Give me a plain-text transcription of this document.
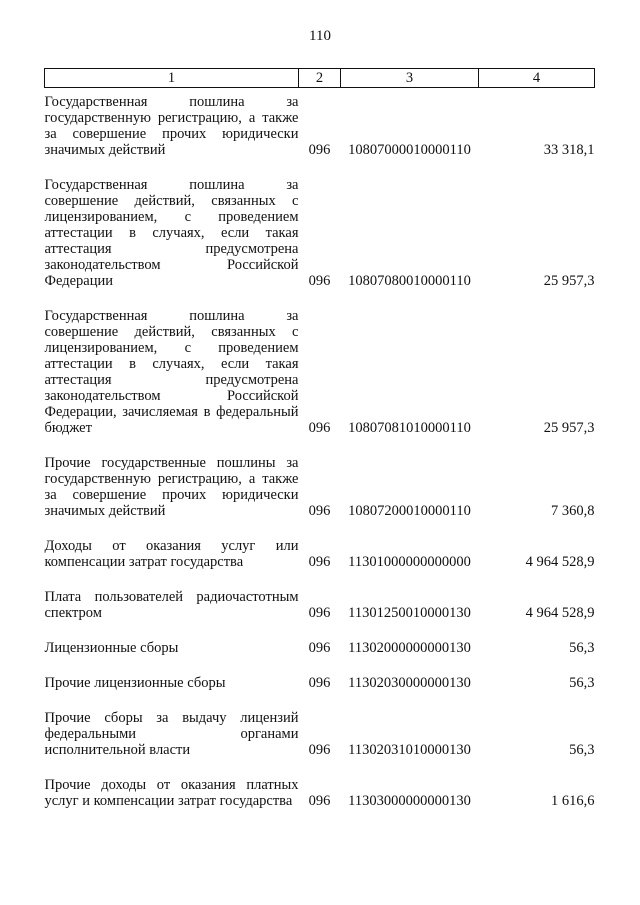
110
1	2	3	4
Государственная пошлина за государственную регистрацию, а также за совершение прочих юридически значимых действий	096	10807000010000110	33 318,1
Государственная пошлина за совершение действий, связанных с лицензированием, с проведением аттестации в случаях, если такая аттестация предусмотрена законодательством Российской Федерации	096	10807080010000110	25 957,3
Государственная пошлина за совершение действий, связанных с лицензированием, с проведением аттестации в случаях, если такая аттестация предусмотрена законодательством Российской Федерации, зачисляемая в федеральный бюджет	096	10807081010000110	25 957,3
Прочие государственные пошлины за государственную регистрацию, а также за совершение прочих юридически значимых действий	096	10807200010000110	7 360,8
Доходы от оказания услуг или компенсации затрат государства	096	11301000000000000	4 964 528,9
Плата пользователей радиочастотным спектром	096	11301250010000130	4 964 528,9
Лицензионные сборы	096	11302000000000130	56,3
Прочие лицензионные сборы	096	11302030000000130	56,3
Прочие сборы за выдачу лицензий федеральными органами исполнительной власти	096	11302031010000130	56,3
Прочие доходы от оказания платных услуг и компенсации затрат государства	096	11303000000000130	1 616,6
